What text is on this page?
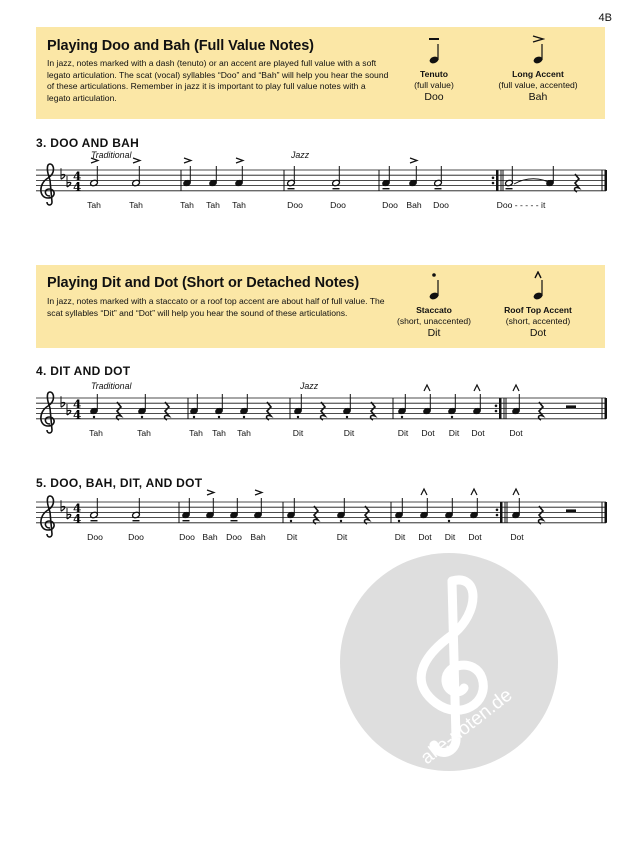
4B
Playing Doo and Bah (Full Value Notes)

In jazz, notes marked with a dash (tenuto) or an accent are played full value with a soft legato articulation. The scat (vocal) syllables “Doo” and “Bah” will help you hear the sound of these articulations. Remember in jazz it is important to play full value notes with a legato articulation.

Tenuto
(full value)
Doo
Long Accent
(full value, accented)
Bah
3. DOO AND BAH
Traditional	Jazz
4
4
Tah	Tah	Tah Tah Tah	Doo	Doo	Doo Bah Doo	Doo - - - - - it
Playing Dit and Dot (Short or Detached Notes)

In jazz, notes marked with a staccato or a roof top accent are about half of full value. The scat syllables “Dit” and “Dot” will help you hear the sound of these articulations.	Staccato
(short, unaccented)
Dit
Roof Top Accent
(short, accented)
Dot
4. DIT AND DOT
Traditional	Jazz
4
4
Tah	Tah	Tah Tah Tah	Dit	Dit	Dit Dot Dit Dot	Dot
5. DOO, BAH, DIT, AND DOT
4
4
Doo	Doo	Doo Bah Doo Bah Dit	Dit	Dit Dot Dit Dot	Dot
alle-noten.de
